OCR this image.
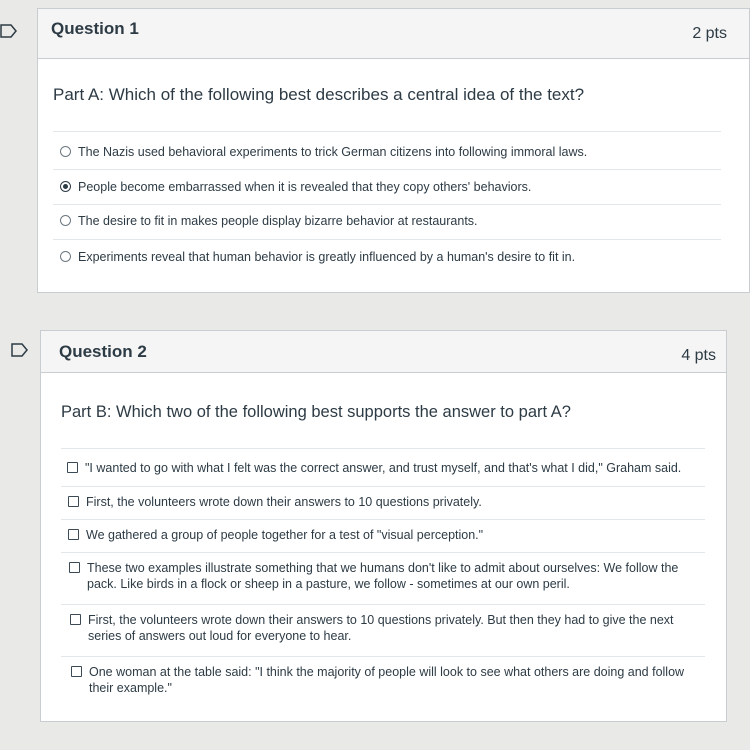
Question 1	2 pts
Part A: Which of the following best describes a central idea of the text?
The Nazis used behavioral experiments to trick German citizens into following immoral laws.
People become embarrassed when it is revealed that they copy others' behaviors.
The desire to fit in makes people display bizarre behavior at restaurants.
Experiments reveal that human behavior is greatly influenced by a human's desire to fit in.
Question 2	4 pts
Part B: Which two of the following best supports the answer to part A?
"I wanted to go with what I felt was the correct answer, and trust myself, and that's what I did," Graham said.
First, the volunteers wrote down their answers to 10 questions privately.
We gathered a group of people together for a test of "visual perception."
These two examples illustrate something that we humans don't like to admit about ourselves: We follow the pack. Like birds in a flock or sheep in a pasture, we follow - sometimes at our own peril.
First, the volunteers wrote down their answers to 10 questions privately. But then they had to give the next series of answers out loud for everyone to hear.
One woman at the table said: "I think the majority of people will look to see what others are doing and follow their example."
